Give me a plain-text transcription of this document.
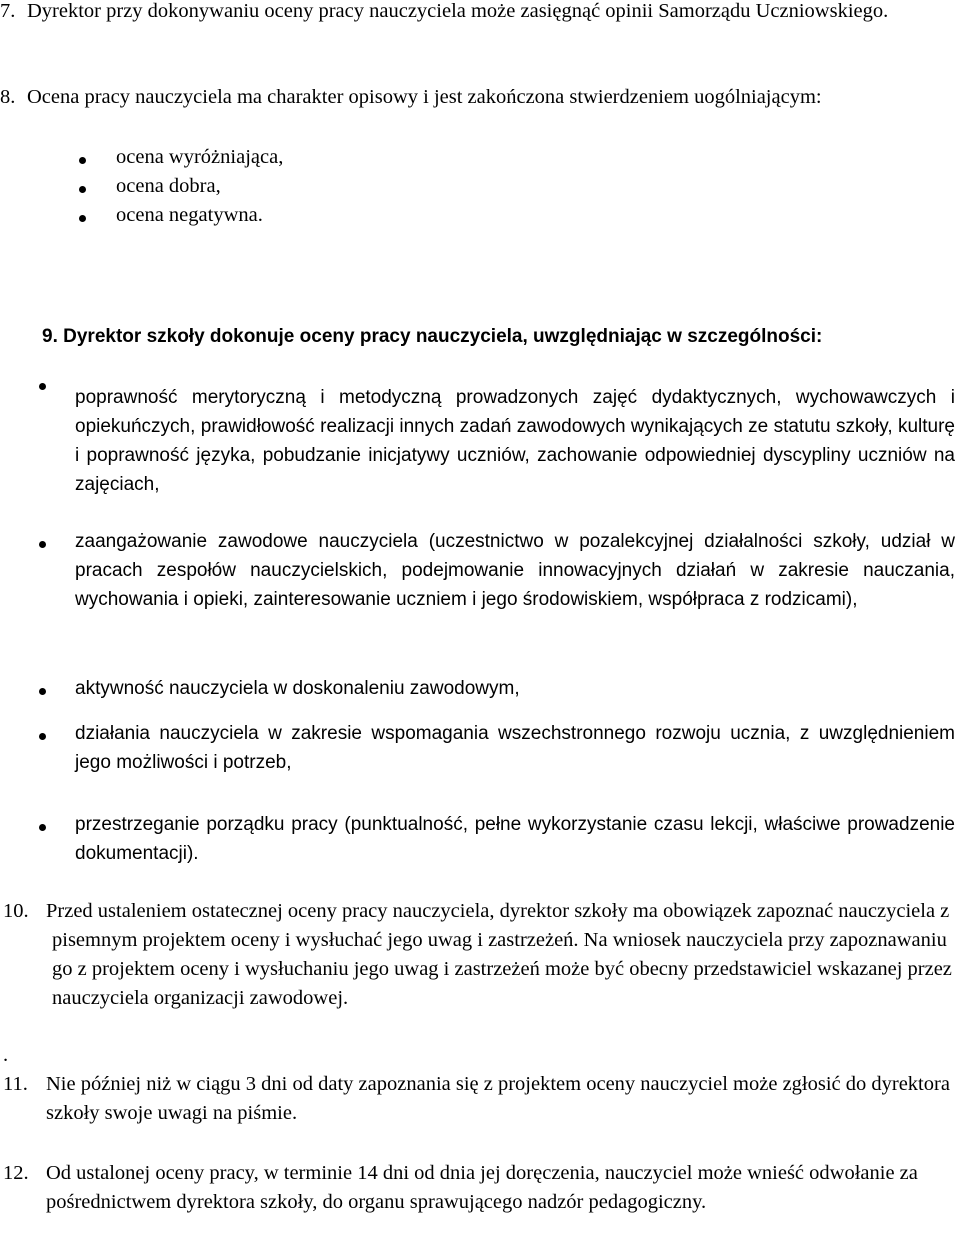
7. Dyrektor przy dokonywaniu oceny pracy nauczyciela może zasięgnąć opinii Samorządu Uczniowskiego.
8. Ocena pracy nauczyciela ma charakter opisowy i jest zakończona stwierdzeniem uogólniającym:
ocena wyróżniająca,
ocena dobra,
ocena negatywna.
9. Dyrektor szkoły dokonuje oceny pracy nauczyciela, uwzględniając w szczególności:
poprawność merytoryczną i metodyczną prowadzonych zajęć dydaktycznych, wychowawczych i opiekuńczych, prawidłowość realizacji innych zadań zawodowych wynikających ze statutu szkoły, kulturę i poprawność języka, pobudzanie inicjatywy uczniów, zachowanie odpowiedniej dyscypliny uczniów na zajęciach,
zaangażowanie zawodowe nauczyciela (uczestnictwo w pozalekcyjnej działalności szkoły, udział w pracach zespołów nauczycielskich, podejmowanie innowacyjnych działań w zakresie nauczania, wychowania i opieki, zainteresowanie uczniem i jego środowiskiem, współpraca z rodzicami),
aktywność nauczyciela w doskonaleniu zawodowym,
działania nauczyciela w zakresie wspomagania wszechstronnego rozwoju ucznia, z uwzględnieniem jego możliwości i potrzeb,
przestrzeganie porządku pracy (punktualność, pełne wykorzystanie czasu lekcji, właściwe prowadzenie dokumentacji).
10. Przed ustaleniem ostatecznej oceny pracy nauczyciela, dyrektor szkoły ma obowiązek zapoznać nauczyciela z pisemnym projektem oceny i wysłuchać jego uwag i zastrzeżeń. Na wniosek nauczyciela przy zapoznawaniu go z projektem oceny i wysłuchaniu jego uwag i zastrzeżeń może być obecny przedstawiciel wskazanej przez nauczyciela organizacji zawodowej.
.
11. Nie później niż w ciągu 3 dni od daty zapoznania się z projektem oceny nauczyciel może zgłosić do dyrektora szkoły swoje uwagi na piśmie.
12. Od ustalonej oceny pracy, w terminie 14 dni od dnia jej doręczenia, nauczyciel może wnieść odwołanie za pośrednictwem dyrektora szkoły, do organu sprawującego nadzór pedagogiczny.
